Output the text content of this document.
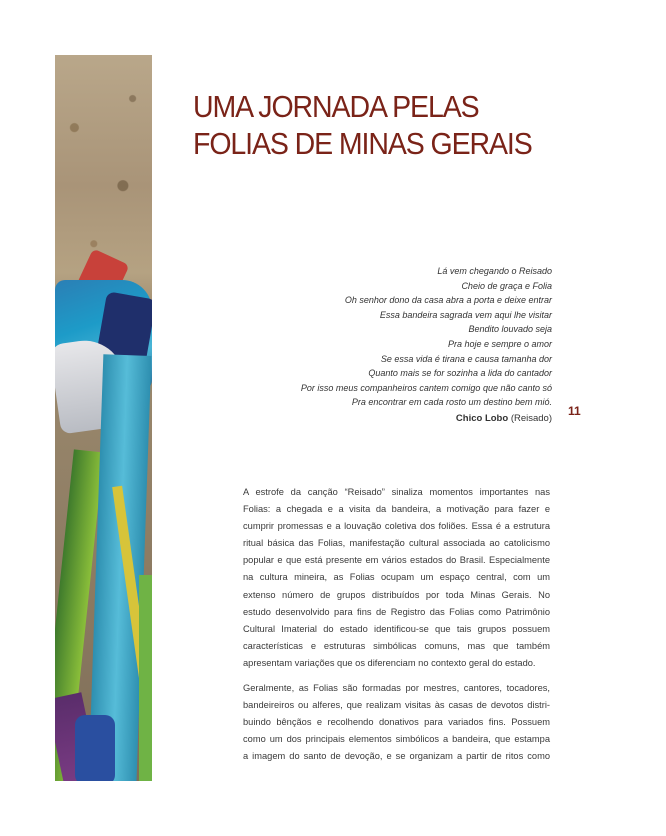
UMA JORNADA PELAS
FOLIAS DE MINAS GERAIS
Lá vem chegando o Reisado
Cheio de graça e Folia
Oh senhor dono da casa abra a porta e deixe entrar
Essa bandeira sagrada vem aqui lhe visitar
Bendito louvado seja
Pra hoje e sempre o amor
Se essa vida é tirana e causa tamanha dor
Quanto mais se for sozinha a lida do cantador
Por isso meus companheiros cantem comigo que não canto só
Pra encontrar em cada rosto um destino bem mió.
Chico Lobo (Reisado)
11

A estrofe da canção “Reisado” sinaliza momentos importantes nas
Folias: a chegada e a visita da bandeira, a motivação para fazer e
cumprir promessas e a louvação coletiva dos foliões. Essa é a estrutura
ritual básica das Folias, manifestação cultural associada ao catolicismo
popular e que está presente em vários estados do Brasil. Especialmente
na cultura mineira, as Folias ocupam um espaço central, com um
extenso número de grupos distribuídos por toda Minas Gerais. No
estudo desenvolvido para fins de Registro das Folias como Patrimônio
Cultural Imaterial do estado identificou-se que tais grupos possuem
características e estruturas simbólicas comuns, mas que também
apresentam variações que os diferenciam no contexto geral do estado.

Geralmente, as Folias são formadas por mestres, cantores, tocadores,
bandeireiros ou alferes, que realizam visitas às casas de devotos distri-
buindo bênçãos e recolhendo donativos para variados fins. Possuem
como um dos principais elementos simbólicos a bandeira, que estampa
a imagem do santo de devoção, e se organizam a partir de ritos como
